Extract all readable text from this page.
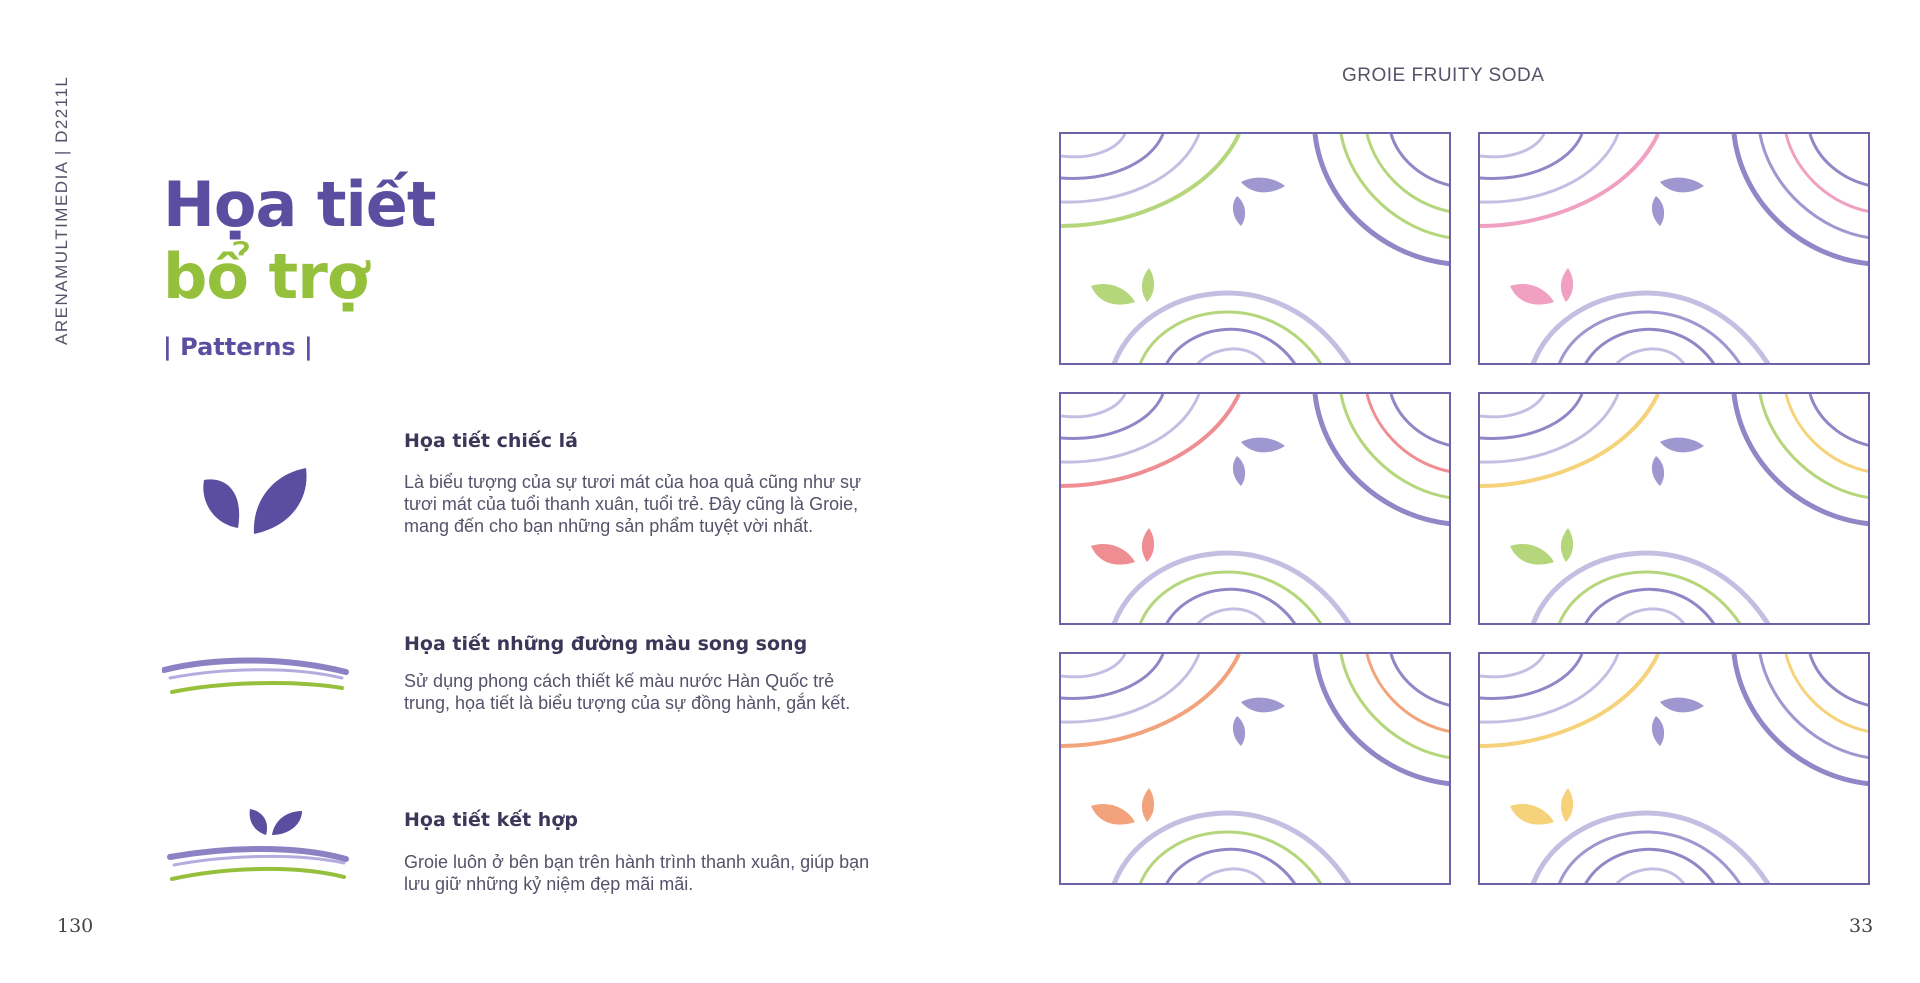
ARENAMULTIMEDIA | D2211L Họa tiết
bổ trợ
| Patterns |
Họa tiết chiếc lá
Là biểu tượng của sự tươi mát của hoa quả cũng như sự tươi mát của tuổi thanh xuân, tuổi trẻ. Đây cũng là Groie, mang đến cho bạn những sản phẩm tuyệt vời nhất.
Họa tiết những đường màu song song
Sử dụng phong cách thiết kế màu nước Hàn Quốc trẻ trung, họa tiết là biểu tượng của sự đồng hành, gắn kết.
Họa tiết kết hợp
Groie luôn ở bên bạn trên hành trình thanh xuân, giúp bạn lưu giữ những kỷ niệm đẹp mãi mãi.
130
GROIE FRUITY SODA
33
